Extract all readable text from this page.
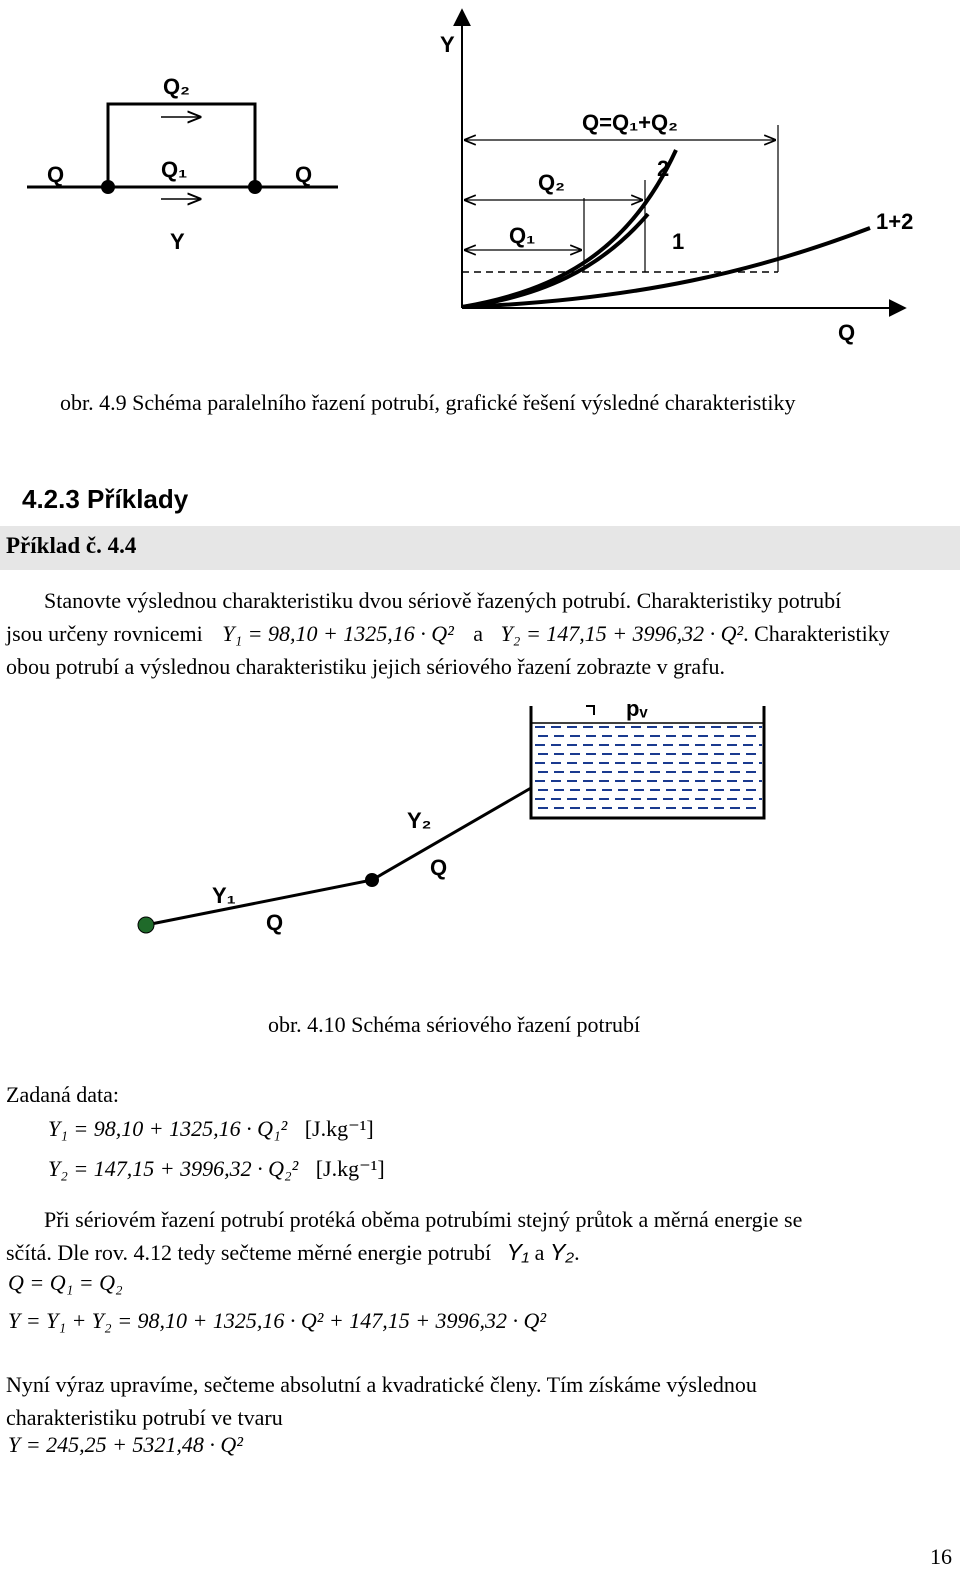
Q₂
Q	Q₁	Q
Y
Y
Q
Q=Q₁+Q₂
Q₂
Q₁
2
1
1+2
obr. 4.9 Schéma paralelního řazení potrubí, grafické řešení výsledné charakteristiky
4.2.3 Příklady
Příklad č. 4.4
Stanovte výslednou charakteristiku dvou sériově řazených potrubí. Charakteristiky potrubí
jsou určeny rovnicemi Y₁ = 98,10 + 1325,16 · Q² a Y₂ = 147,15 + 3996,32 · Q². Charakteristiky
obou potrubí a výslednou charakteristiku jejich sériového řazení zobrazte v grafu.
pᵥ
Y₂
Q
Y₁
Q
obr. 4.10 Schéma sériového řazení potrubí
Zadaná data:
Y₁ = 98,10 + 1325,16 · Q₁² [J.kg⁻¹]
Y₂ = 147,15 + 3996,32 · Q₂² [J.kg⁻¹]
Při sériovém řazení potrubí protéká oběma potrubími stejný průtok a měrná energie se
sčítá. Dle rov. 4.12 tedy sečteme měrné energie potrubí Y₁ a Y₂.
Q = Q₁ = Q₂
Y = Y₁ + Y₂ = 98,10 + 1325,16 · Q² + 147,15 + 3996,32 · Q²
Nyní výraz upravíme, sečteme absolutní a kvadratické členy. Tím získáme výslednou
charakteristiku potrubí ve tvaru
Y = 245,25 + 5321,48 · Q²
16
